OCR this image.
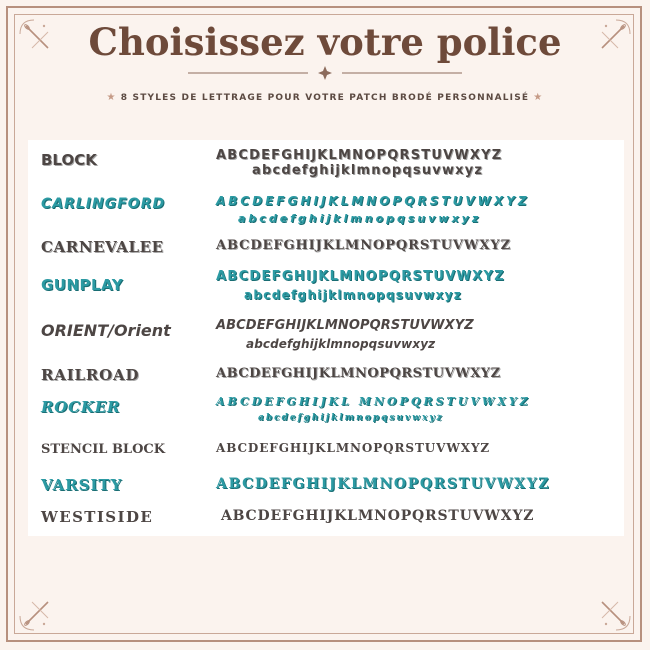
Choisissez votre police
★ 8 STYLES DE LETTRAGE POUR VOTRE PATCH BRODÉ PERSONNALISÉ ★
BLOCK	ABCDEFGHIJKLMNOPQRSTUVWXYZ
abcdefghijklmnopqsuvwxyz
CARLINGFORD	ABCDEFGHIJKLMNOPQRSTUVWXYZ
abcdefghijklmnopqsuvwxyz
CARNEVALEE	ABCDEFGHIJKLMNOPQRSTUVWXYZ
GUNPLAY	ABCDEFGHIJKLMNOPQRSTUVWXYZ
abcdefghijklmnopqsuvwxyz
ORIENT/Orient	ABCDEFGHIJKLMNOPQRSTUVWXYZ
abcdefghijklmnopqsuvwxyz
RAILROAD	ABCDEFGHIJKLMNOPQRSTUVWXYZ
ROCKER	ABCDEFGHIJKL MNOPQRSTUVWXYZ
abcdefghijklmnopqsuvwxyz
STENCIL BLOCK	ABCDEFGHIJKLMNOPQRSTUVWXYZ
VARSITY	ABCDEFGHIJKLMNOPQRSTUVWXYZ
WESTISIDE	ABCDEFGHIJKLMNOPQRSTUVWXYZ
